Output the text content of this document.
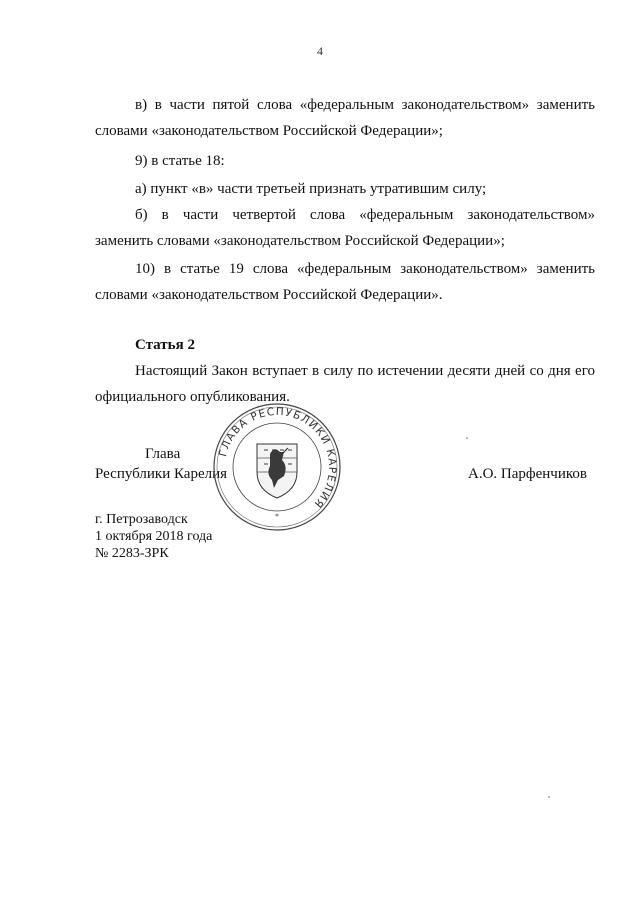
4

в) в части пятой слова «федеральным законодательством» заменить словами «законодательством Российской Федерации»;

9) в статье 18:

а) пункт «в» части третьей признать утратившим силу;

б) в части четвертой слова «федеральным законодательством» заменить словами «законодательством Российской Федерации»;

10) в статье 19 слова «федеральным законодательством» заменить словами «законодательством Российской Федерации».

Статья 2

Настоящий Закон вступает в силу по истечении десяти дней со дня его официального опубликования.

Глава

Республики Карелия	А.О. Парфенчиков

ГЛАВА РЕСПУБЛИКИ КАРЕЛИЯ
*

г. Петрозаводск

1 октября 2018 года

№ 2283-ЗРК
